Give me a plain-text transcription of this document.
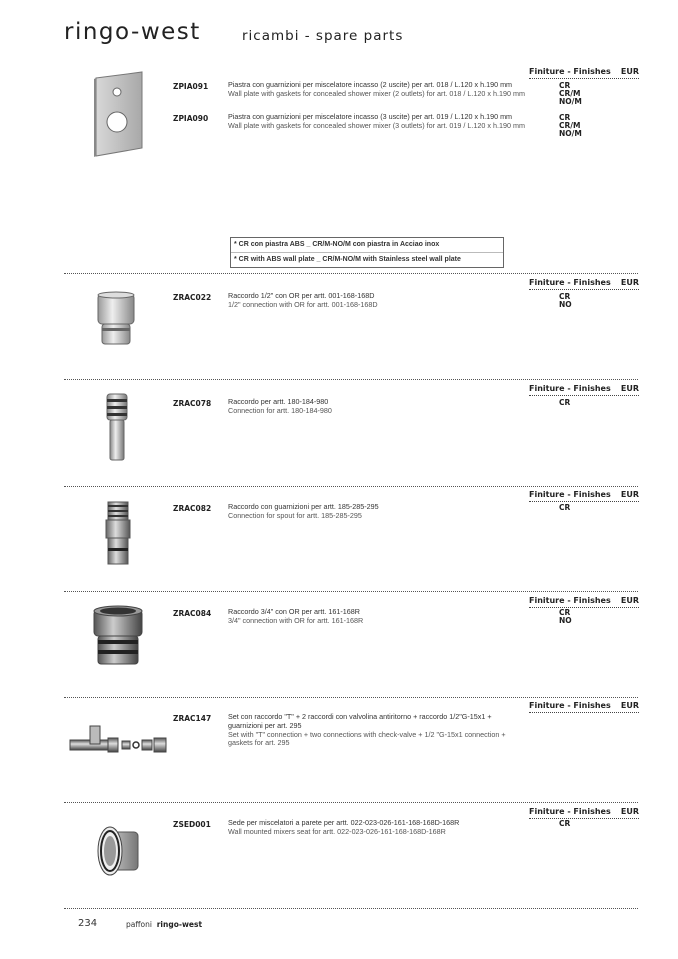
ringo-west	ricambi - spare parts
Finiture - Finishes EUR
ZPIA091	Piastra con guarnizioni per miscelatore incasso (2 uscite) per art. 018 / L.120 x h.190 mm
Wall plate with gaskets for concealed shower mixer (2 outlets) for art. 018 / L.120 x h.190 mm
CR
CR/M
NO/M
ZPIA090	Piastra con guarnizioni per miscelatore incasso (3 uscite) per art. 019 / L.120 x h.190 mm
Wall plate with gaskets for concealed shower mixer (3 outlets) for art. 019 / L.120 x h.190 mm
CR
CR/M
NO/M
* CR con piastra ABS _ CR/M-NO/M con piastra in Acciao inox
* CR with ABS wall plate _ CR/M-NO/M with Stainless steel wall plate
Finiture - Finishes EUR
ZRAC022 Raccordo 1/2" con OR per artt. 001-168-168D
1/2" connection with OR for artt. 001-168-168D
CR
NO
Finiture - Finishes EUR
ZRAC078 Raccordo per artt. 180-184-980
Connection for artt. 180-184-980
CR
Finiture - Finishes EUR
ZRAC082 Raccordo con guarnizioni per artt. 185-285-295
Connection for spout for artt. 185-285-295
CR
Finiture - Finishes EUR
ZRAC084 Raccordo 3/4" con OR per artt. 161-168R
3/4" connection with OR for artt. 161-168R
CR
NO
Finiture - Finishes EUR
ZRAC147 Set con raccordo "T" + 2 raccordi con valvolina antiritorno + raccordo 1/2"G-15x1 + guarnizioni per art. 295
Set with "T" connection + two connections with check-valve + 1/2 "G-15x1 connection + gaskets for art. 295
Finiture - Finishes EUR
ZSED001 Sede per miscelatori a parete per artt. 022-023-026-161-168-168D-168R
Wall mounted mixers seat for artt. 022-023-026-161-168-168D-168R
CR
234	paffoni ringo-west
